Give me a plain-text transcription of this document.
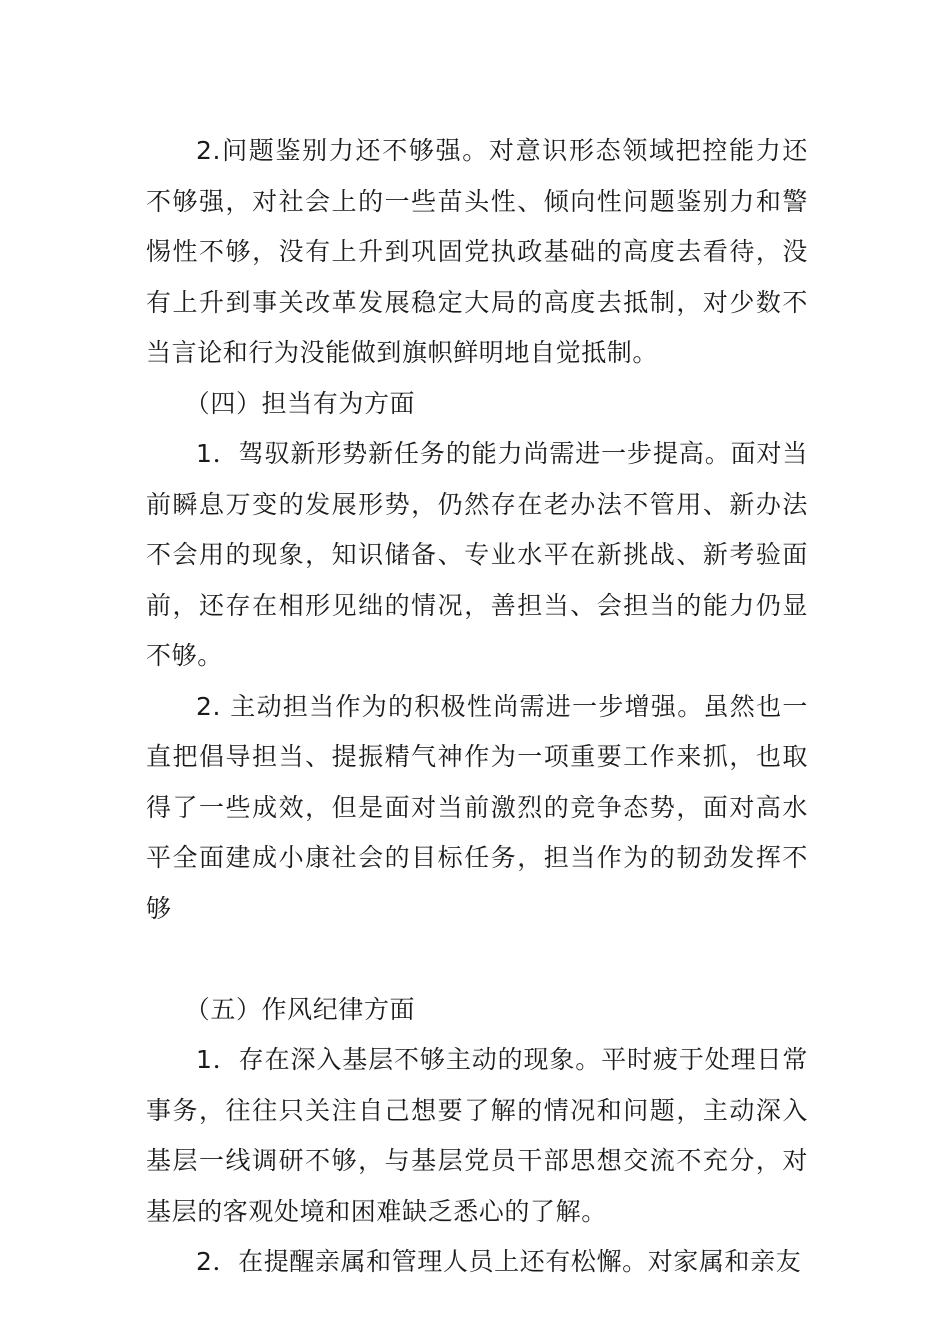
2.问题鉴别力还不够强。对意识形态领域把控能力还不够强，对社会上的一些苗头性、倾向性问题鉴别力和警惕性不够，没有上升到巩固党执政基础的高度去看待，没有上升到事关改革发展稳定大局的高度去抵制，对少数不当言论和行为没能做到旗帜鲜明地自觉抵制。

（四）担当有为方面

1．驾驭新形势新任务的能力尚需进一步提高。面对当前瞬息万变的发展形势，仍然存在老办法不管用、新办法不会用的现象，知识储备、专业水平在新挑战、新考验面前，还存在相形见绌的情况，善担当、会担当的能力仍显不够。

2. 主动担当作为的积极性尚需进一步增强。虽然也一直把倡导担当、提振精气神作为一项重要工作来抓，也取得了一些成效，但是面对当前激烈的竞争态势，面对高水平全面建成小康社会的目标任务，担当作为的韧劲发挥不够

（五）作风纪律方面

1．存在深入基层不够主动的现象。平时疲于处理日常事务，往往只关注自己想要了解的情况和问题，主动深入基层一线调研不够，与基层党员干部思想交流不充分，对基层的客观处境和困难缺乏悉心的了解。

2．在提醒亲属和管理人员上还有松懈。对家属和亲友
